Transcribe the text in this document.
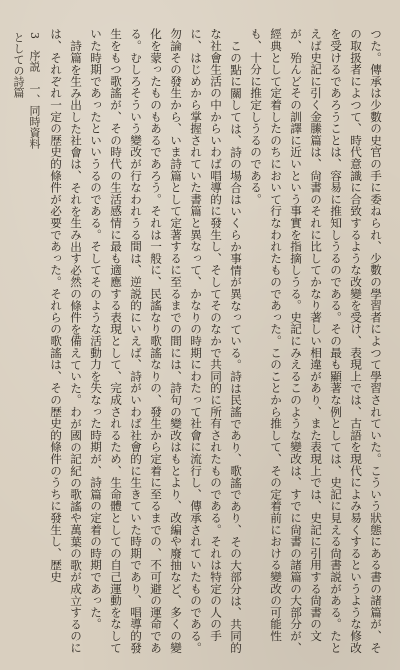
3　序説　一、同時資料としての詩篇	つた。傳承は少數の史官の手に委ねられ、少數の學習者によつて學習されていた。こういう狀態にある書の諸篇が、その取扱者によつて、時代意識に合致するような改變を受け、表現上では、古語を現代によみ易くするというような修改を受けるであろうことは、容易に推知しうるのである。その最も顯著な例としては、史記に見える尙書説がある。たとえば史記に引く金縢篇は、尙書のそれに比してかなり著しい相違があり、また表現上では、史記に引用する尙書の文が、殆んどその訓譯に近いという事實を指摘しうる。史記にみえるこのような變改は、すでに尙書の諸篇の大部分が、經典として定着したのちにおいて行なわれたものであった。このことから推して、その定着前における變改の可能性も、十分に推定しうるのである。

この點に關しては、詩の場合はいくらか事情が異なっている。詩は民謠であり、歌謠であり、その大部分は、共同的な社會生活の中からいわば唱導的に發生し、そしてそのなかで共同的に所有されたものである。それは特定の人の手に、はじめから掌握されていた書篇と異なって、かなりの時期にわたって社會に流行し、傳承されていたものである。勿論その發生から、いま詩篇として定著するに至るまでの間には、詩句の變改はもとより、改編や廢抽など、多くの變化を蒙ったものもあるであろう。それは一般に、民謠なり歌謠なりの、發生から定着に至るまでの、不可避の運命である。むしろそういう變改が行なわれうる間は、逆説的にいえば、詩がいわば社會的に生きていた時期であり、唱導的發生をもつ歌謠が、その時代の生活感情に最も適應する表現として、完成されるため、生命體としての自己運動をなしていた時期であったといいうるのである。そしてそのような活動力を失なった時期が、詩篇の定着の時期であった。

詩篇を生み出した社會は、それを生み出す必然の條件を備えていた。わが國の記紀の歌謠や萬葉の歌が成立するのには、それぞれ一定の歴史的條件が必要であった。それらの歌謠は、その歴史的條件のうちに發生し、歴史
